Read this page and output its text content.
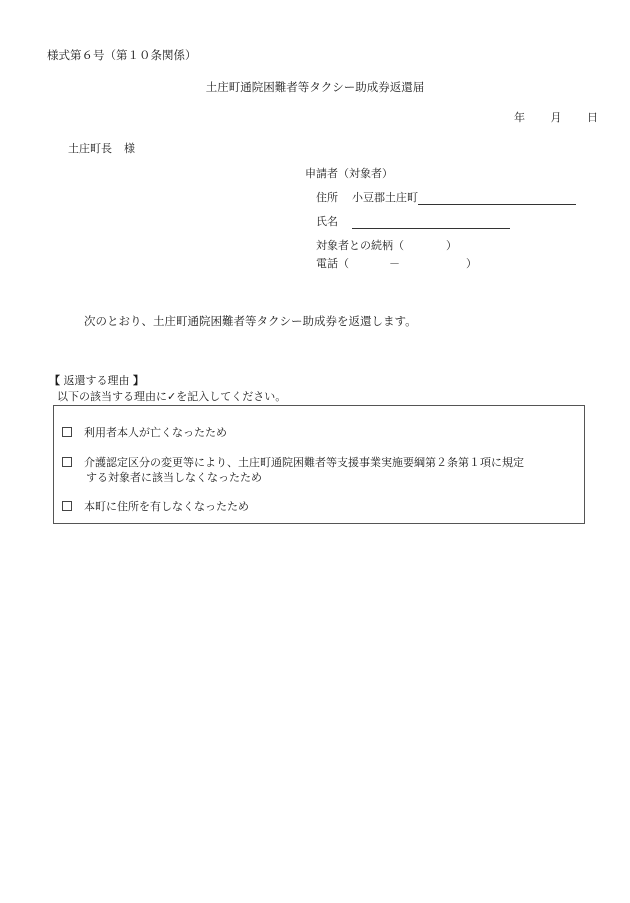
様式第６号（第１０条関係）
土庄町通院困難者等タクシー助成券返還届
年 月 日
土庄町長 様
申請者（対象者）
住所 小豆郡土庄町
氏名
対象者との続柄（	）
電話（	－	）
次のとおり、土庄町通院困難者等タクシー助成券を返還します。
【 返還する理由 】
以下の該当する理由に✓を記入してください。
利用者本人が亡くなったため
介護認定区分の変更等により、土庄町通院困難者等支援事業実施要綱第２条第１項に規定
する対象者に該当しなくなったため
本町に住所を有しなくなったため
